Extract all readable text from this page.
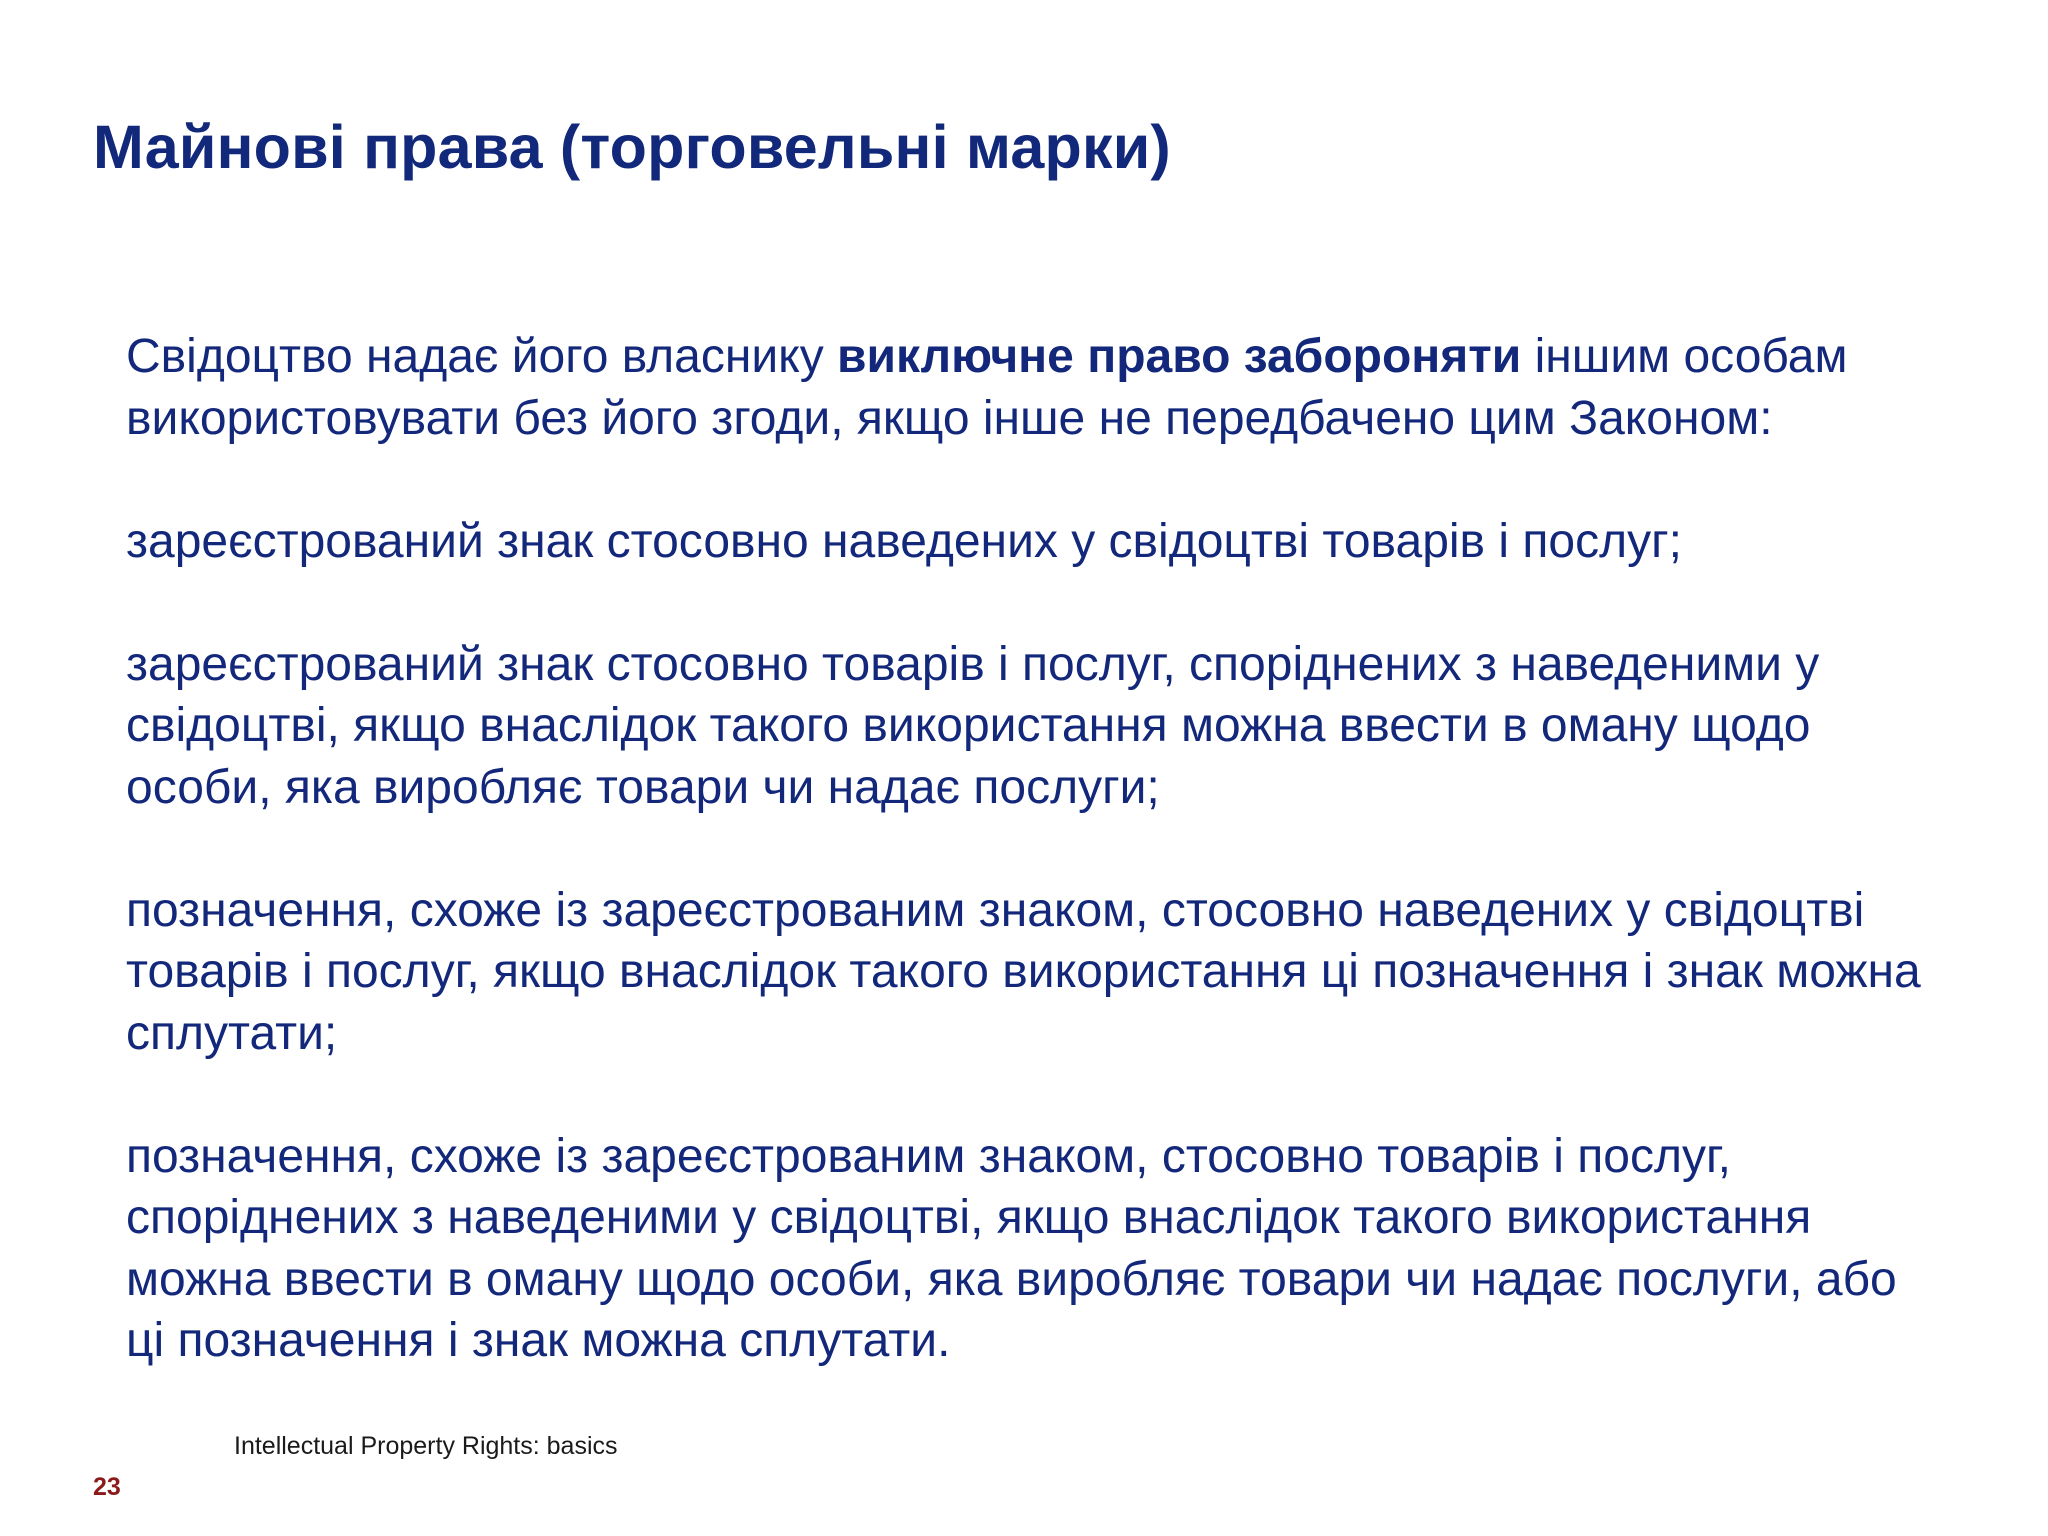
Майнові права (торговельні марки)

Свідоцтво надає його власнику виключне право забороняти іншим особам використовувати без його згоди, якщо інше не передбачено цим Законом:

зареєстрований знак стосовно наведених у свідоцтві товарів і послуг;

зареєстрований знак стосовно товарів і послуг, споріднених з наведеними у свідоцтві, якщо внаслідок такого використання можна ввести в оману щодо особи, яка виробляє товари чи надає послуги;

позначення, схоже із зареєстрованим знаком, стосовно наведених у свідоцтві товарів і послуг, якщо внаслідок такого використання ці позначення і знак можна сплутати;

позначення, схоже із зареєстрованим знаком, стосовно товарів і послуг, споріднених з наведеними у свідоцтві, якщо внаслідок такого використання можна ввести в оману щодо особи, яка виробляє товари чи надає послуги, або ці позначення і знак можна сплутати.

Intellectual Property Rights: basics
23
